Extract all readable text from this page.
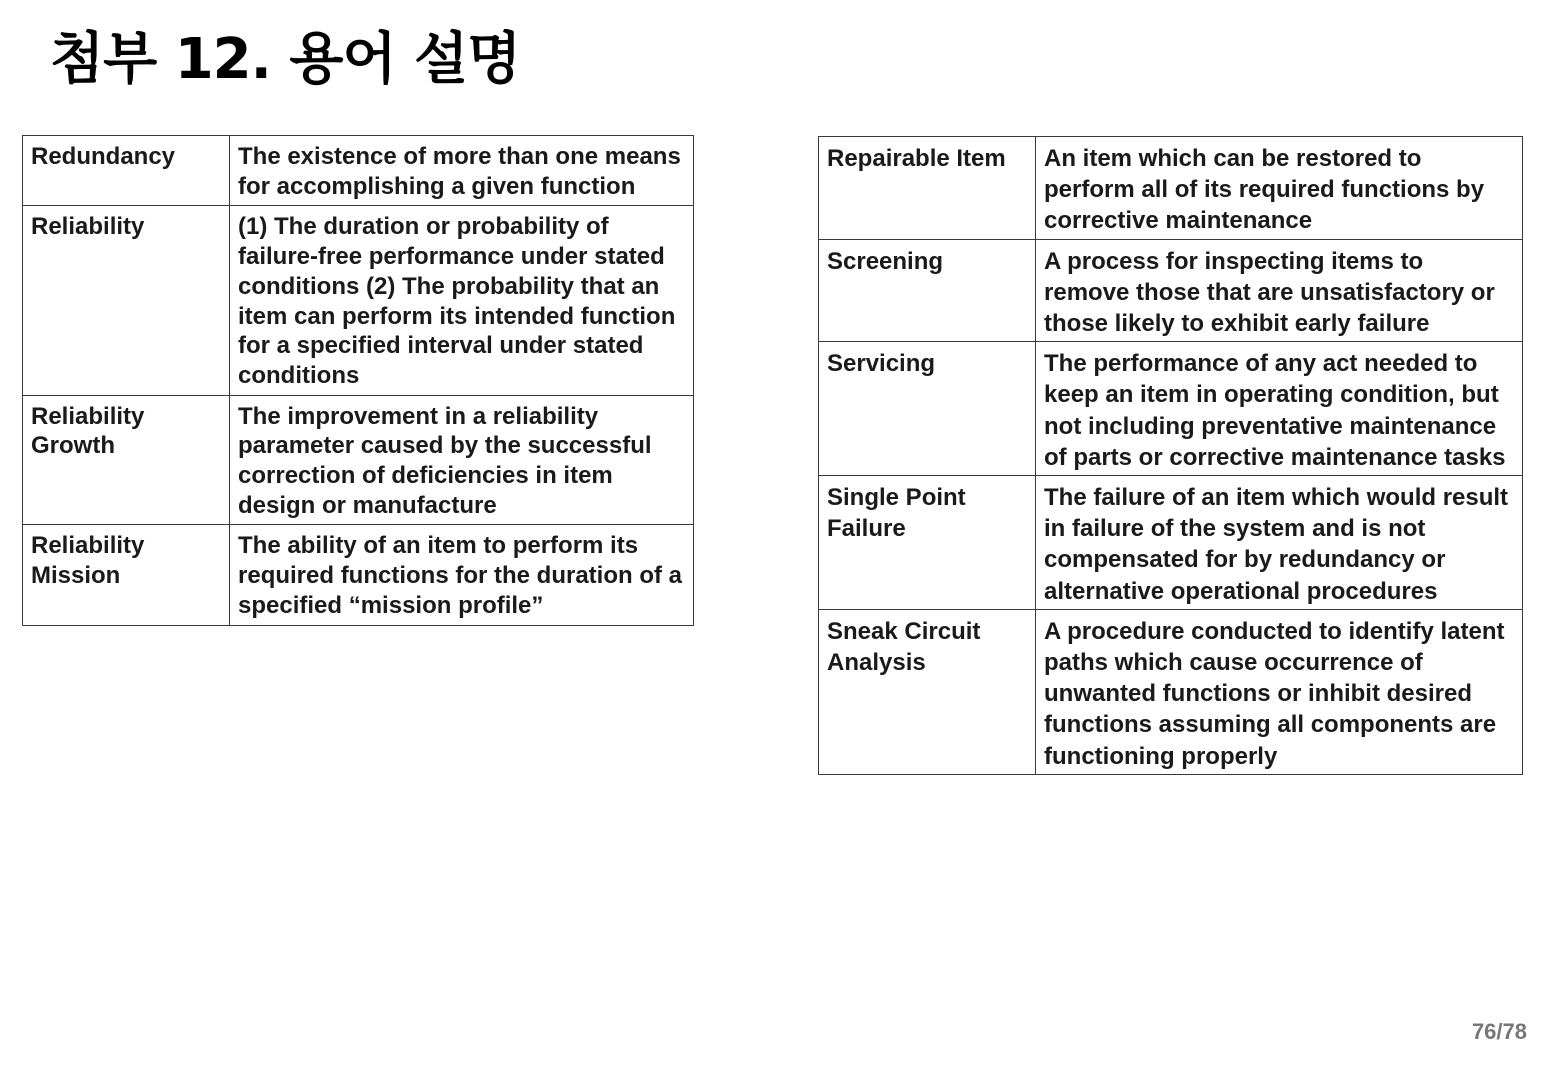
첨부 12. 용어 설명
Redundancy	The existence of more than one means for accomplishing a given function
Reliability	(1) The duration or probability of failure-free performance under stated conditions (2) The probability that an item can perform its intended function for a specified interval under stated conditions
Reliability Growth	The improvement in a reliability parameter caused by the successful correction of deficiencies in item design or manufacture
Reliability Mission	The ability of an item to perform its required functions for the duration of a specified “mission profile”
Repairable Item	An item which can be restored to perform all of its required functions by corrective maintenance
Screening	A process for inspecting items to remove those that are unsatisfactory or those likely to exhibit early failure
Servicing	The performance of any act needed to keep an item in operating condition, but not including preventative maintenance of parts or corrective maintenance tasks
Single Point Failure	The failure of an item which would result in failure of the system and is not compensated for by redundancy or alternative operational procedures
Sneak Circuit Analysis	A procedure conducted to identify latent paths which cause occurrence of unwanted functions or inhibit desired functions assuming all components are functioning properly
76/78
